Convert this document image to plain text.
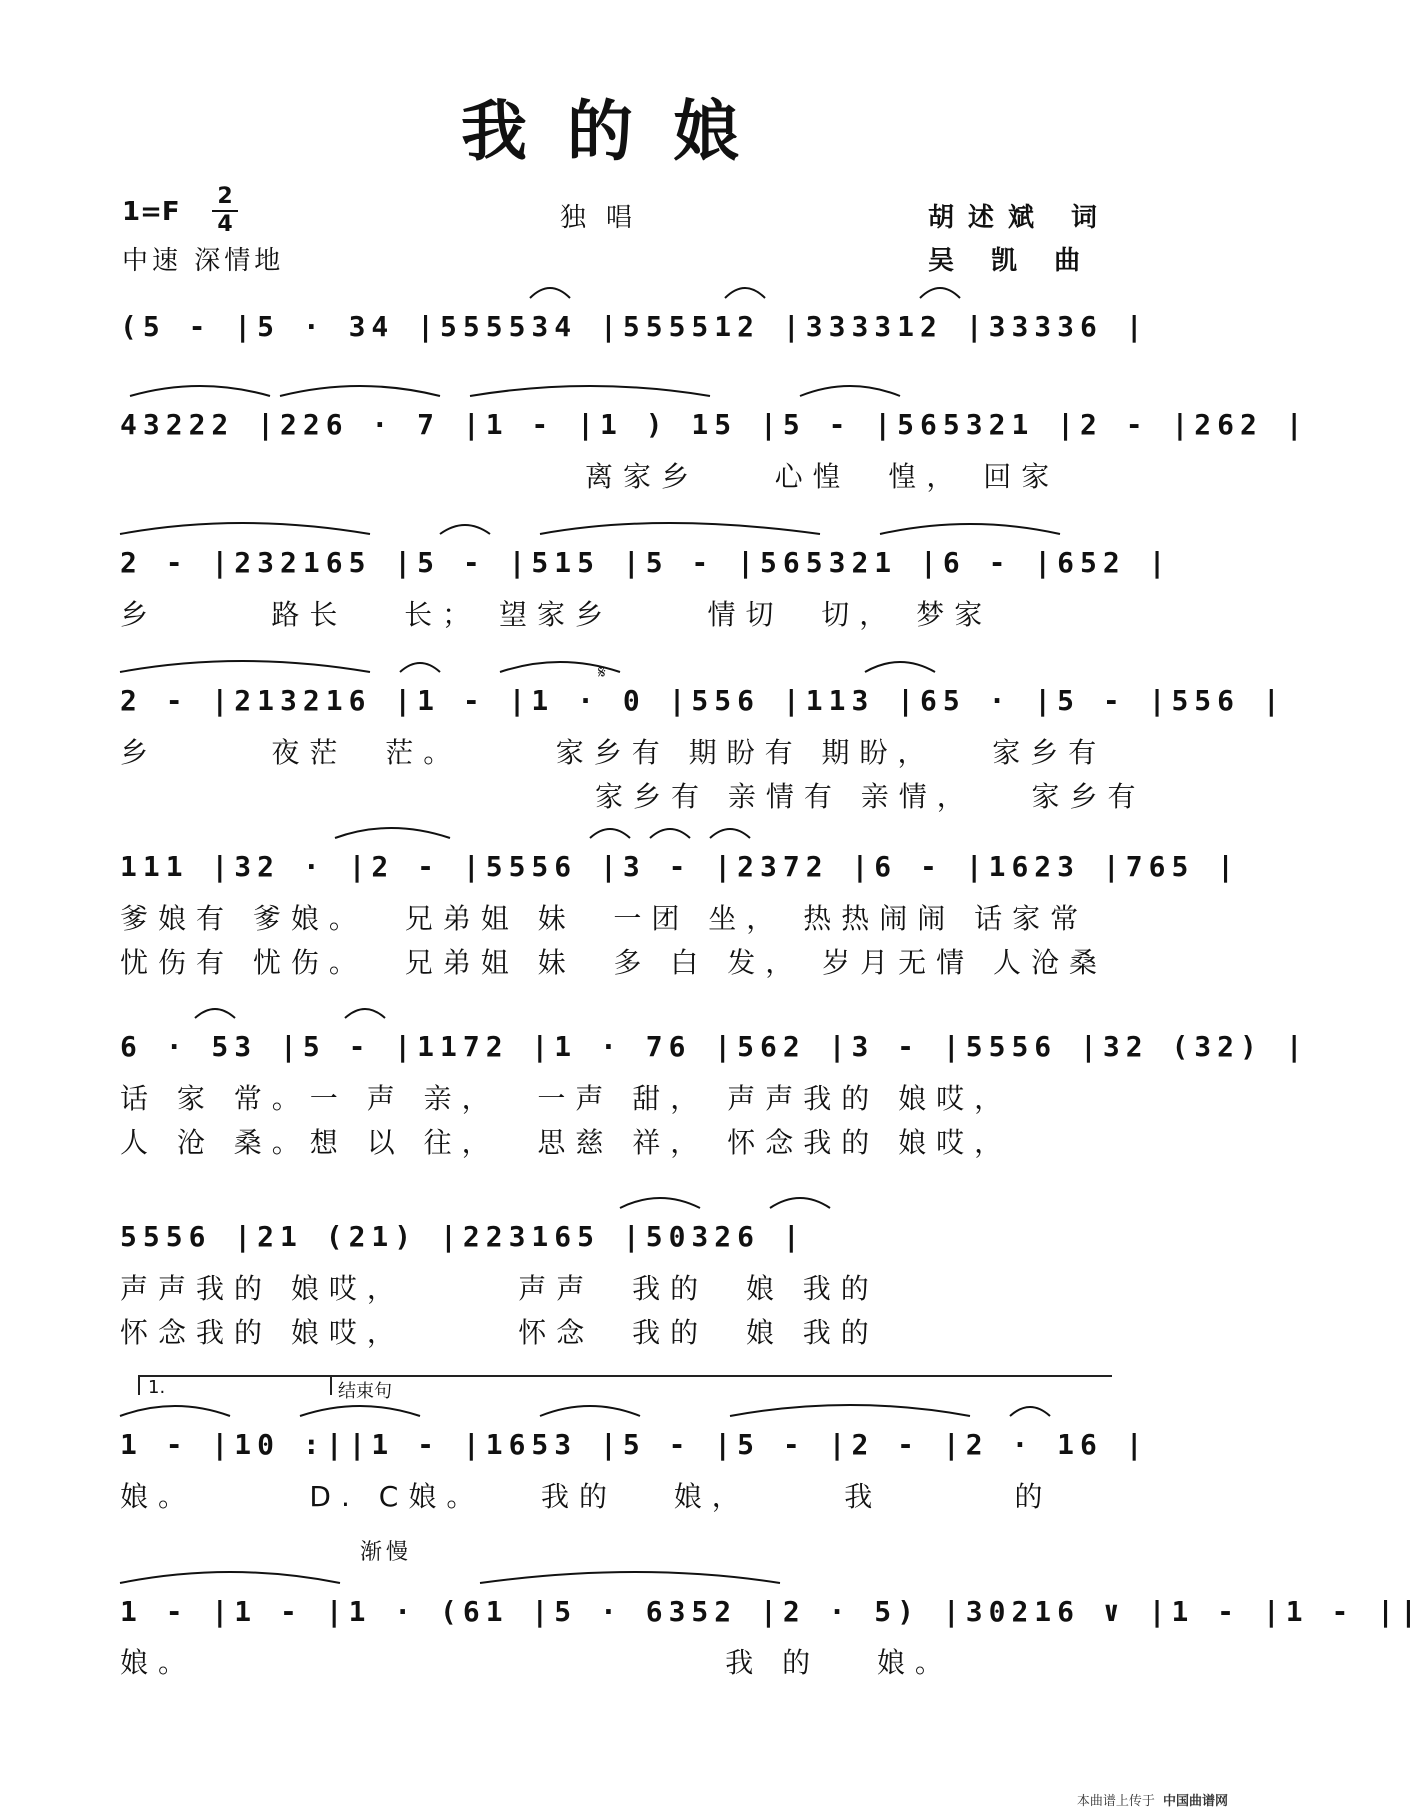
我的娘
1=F
2
4
中速 深情地
独唱	胡述斌 词
吴 凯 曲
(5 - |5 · 34 |555534 |555512 |333312 |33336 |
43222 |226 · 7 |1 - |1 ) 15 |5 - |565321 |2 - |262 |
离家乡    心惶  惶， 回家
2 - |232165 |5 - |515 |5 - |565321 |6 - |652 |
乡      路长   长； 望家乡     情切  切， 梦家
2 - |213216 |1 - |1 · 0 |556 |113 |65 · |5 - |556 |
𝄋
乡      夜茫  茫。     家乡有 期盼有 期盼，   家乡有
家乡有 亲情有 亲情，   家乡有
111 |32 · |2 - |5556 |3 - |2372 |6 - |1623 |765 |
爹娘有 爹娘。  兄弟姐 妹  一团 坐， 热热闹闹 话家常
忧伤有 忧伤。  兄弟姐 妹  多 白 发， 岁月无情 人沧桑
6 · 53 |5 - |1172 |1 · 76 |562 |3 - |5556 |32 (32) |
话 家 常。一 声 亲，  一声 甜， 声声我的 娘哎，
人 沧 桑。想 以 往，  思慈 祥， 怀念我的 娘哎，
5556 |21 (21) |223165 |50326 |
声声我的 娘哎，      声声  我的  娘 我的
怀念我的 娘哎，      怀念  我的  娘 我的
1.	结束句
1 - |10 :||1 - |1653 |5 - |5 - |2 - |2 · 16 |
娘。      D. C娘。   我的   娘，     我       的
渐慢
1 - |1 - |1 · (61 |5 · 6352 |2 · 5) |30216 ∨ |1 - |1 - ||
娘。                            我 的   娘。
本曲谱上传于 中国曲谱网
